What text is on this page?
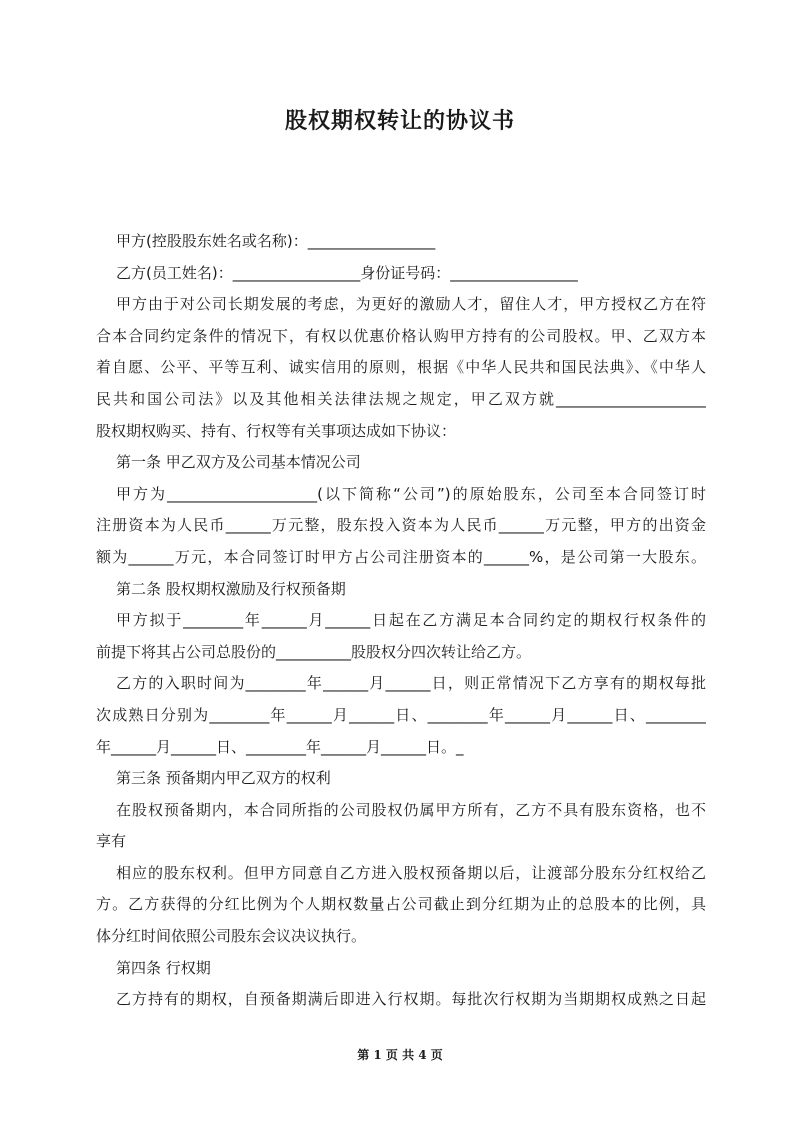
股权期权转让的协议书
甲方(控股股东姓名或名称)：_________________
乙方(员工姓名)：_________________身份证号码：_________________
甲方由于对公司长期发展的考虑，为更好的激励人才，留住人才，甲方授权乙方在符
合本合同约定条件的情况下，有权以优惠价格认购甲方持有的公司股权。甲、乙双方本
着自愿、公平、平等互利、诚实信用的原则，根据《中华人民共和国民法典》、《中华人
民共和国公司法》以及其他相关法律法规之规定，甲乙双方就____________________
股权期权购买、持有、行权等有关事项达成如下协议：
第一条 甲乙双方及公司基本情况公司
甲方为____________________(以下简称“公司”)的原始股东，公司至本合同签订时
注册资本为人民币______万元整，股东投入资本为人民币______万元整，甲方的出资金
额为______万元，本合同签订时甲方占公司注册资本的______%，是公司第一大股东。
第二条 股权期权激励及行权预备期
甲方拟于________年______月______日起在乙方满足本合同约定的期权行权条件的
前提下将其占公司总股份的__________股股权分四次转让给乙方。
乙方的入职时间为________年______月______日，则正常情况下乙方享有的期权每批
次成熟日分别为________年______月______日、________年______月______日、________
年______月______日、________年______月______日。_
第三条 预备期内甲乙双方的权利
在股权预备期内，本合同所指的公司股权仍属甲方所有，乙方不具有股东资格，也不
享有
相应的股东权利。但甲方同意自乙方进入股权预备期以后，让渡部分股东分红权给乙
方。乙方获得的分红比例为个人期权数量占公司截止到分红期为止的总股本的比例，具
体分红时间依照公司股东会议决议执行。
第四条 行权期
乙方持有的期权，自预备期满后即进入行权期。每批次行权期为当期期权成熟之日起
第 1 页 共 4 页
